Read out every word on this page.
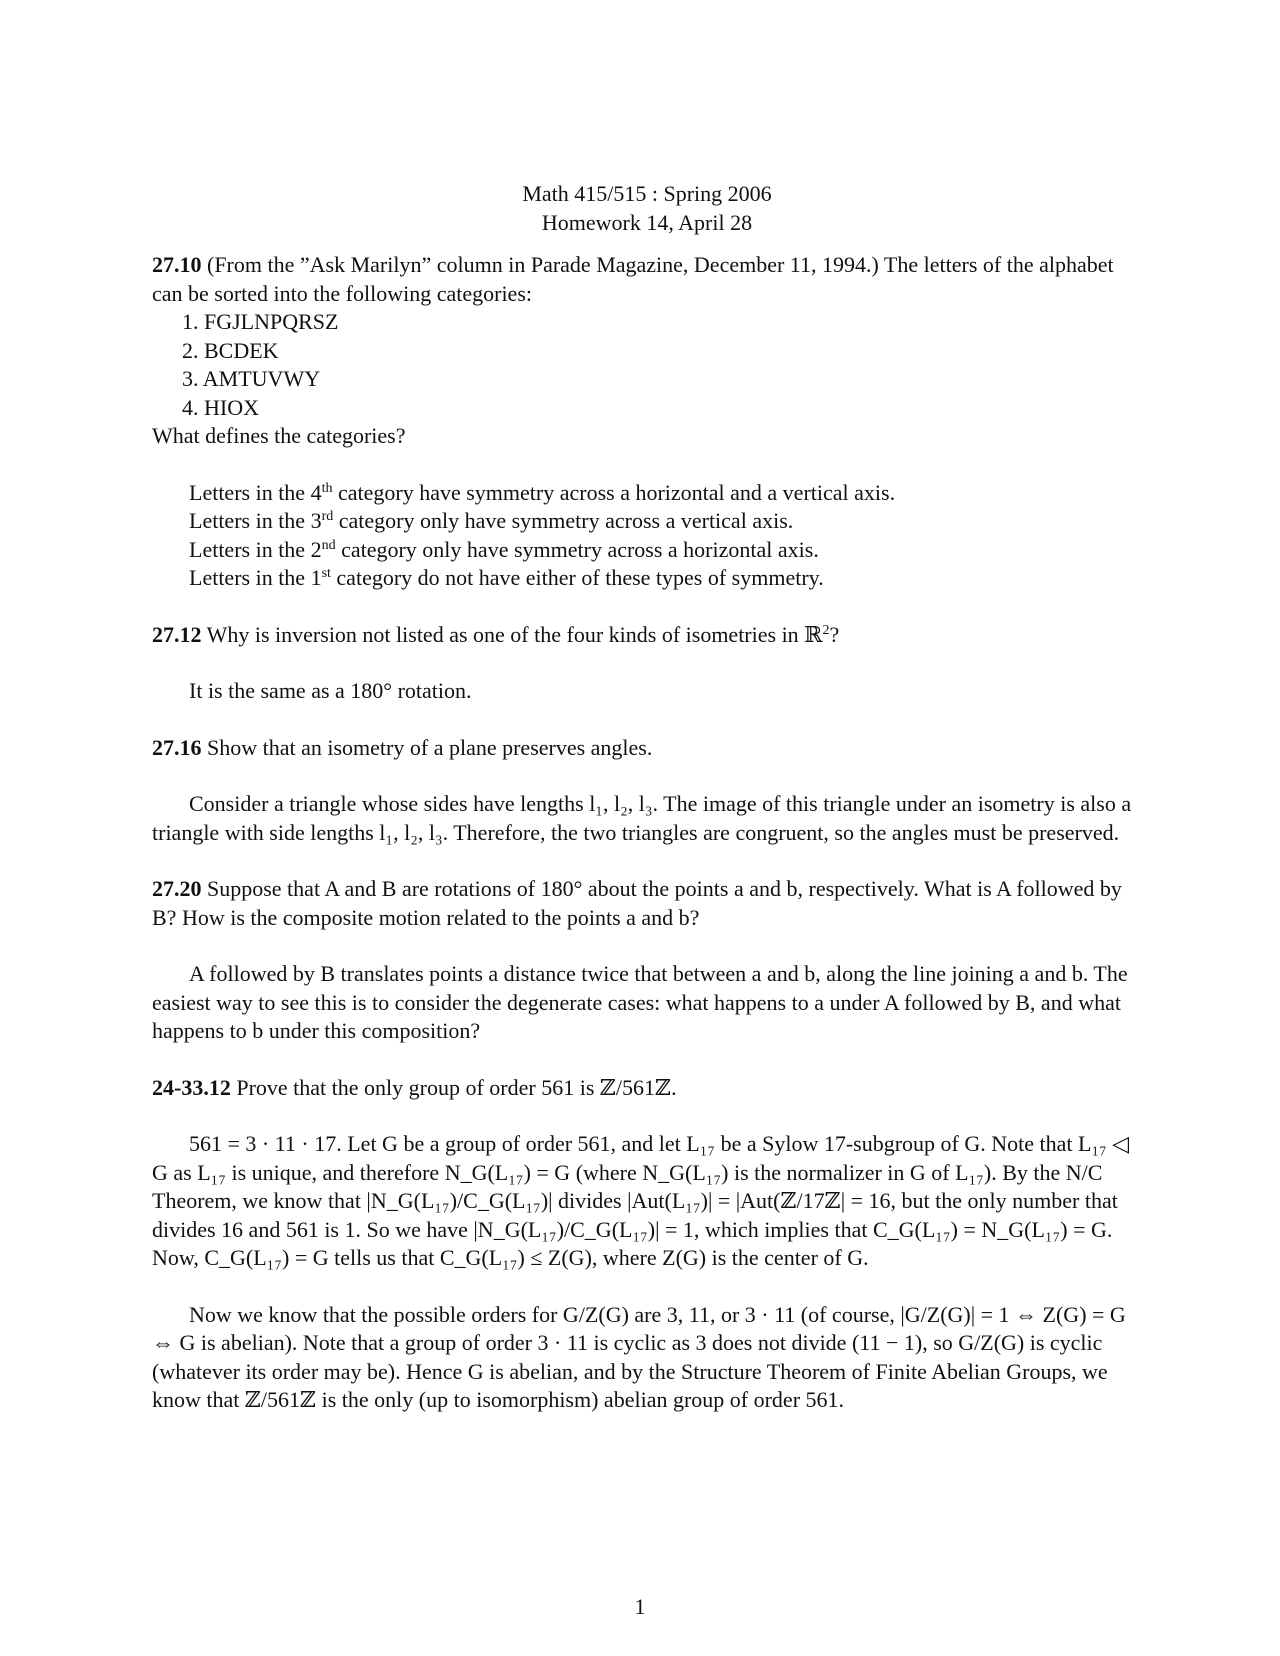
Math 415/515 : Spring 2006
Homework 14, April 28

27.10 (From the ”Ask Marilyn” column in Parade Magazine, December 11, 1994.) The letters of the alphabet can be sorted into the following categories:

1. FGJLNPQRSZ
2. BCDEK
3. AMTUVWY
4. HIOX

What defines the categories?

Letters in the 4th category have symmetry across a horizontal and a vertical axis.
Letters in the 3rd category only have symmetry across a vertical axis.
Letters in the 2nd category only have symmetry across a horizontal axis.
Letters in the 1st category do not have either of these types of symmetry.

27.12 Why is inversion not listed as one of the four kinds of isometries in ℝ$^2$?

It is the same as a 180° rotation.

27.16 Show that an isometry of a plane preserves angles.

Consider a triangle whose sides have lengths l₁, l₂, l₃. The image of this triangle under an isometry is also a triangle with side lengths l₁, l₂, l₃. Therefore, the two triangles are congruent, so the angles must be preserved.

27.20 Suppose that A and B are rotations of 180° about the points a and b, respectively. What is A followed by B? How is the composite motion related to the points a and b?

A followed by B translates points a distance twice that between a and b, along the line joining a and b. The easiest way to see this is to consider the degenerate cases: what happens to a under A followed by B, and what happens to b under this composition?

24-33.12 Prove that the only group of order 561 is ℤ/561ℤ.

561 = 3 · 11 · 17. Let G be a group of order 561, and let L₁₇ be a Sylow 17-subgroup of G. Note that L₁₇ ◁ G as L₁₇ is unique, and therefore N_G(L₁₇) = G (where N_G(L₁₇) is the normalizer in G of L₁₇). By the N/C Theorem, we know that |N_G(L₁₇)/C_G(L₁₇)| divides |Aut(L₁₇)| = |Aut(ℤ/17ℤ| = 16, but the only number that divides 16 and 561 is 1. So we have |N_G(L₁₇)/C_G(L₁₇)| = 1, which implies that C_G(L₁₇) = N_G(L₁₇) = G. Now, C_G(L₁₇) = G tells us that C_G(L₁₇) ≤ Z(G), where Z(G) is the center of G.

Now we know that the possible orders for G/Z(G) are 3, 11, or 3 · 11 (of course, |G/Z(G)| = 1 ⇔ Z(G) = G ⇔ G is abelian). Note that a group of order 3 · 11 is cyclic as 3 does not divide (11 − 1), so G/Z(G) is cyclic (whatever its order may be). Hence G is abelian, and by the Structure Theorem of Finite Abelian Groups, we know that ℤ/561ℤ is the only (up to isomorphism) abelian group of order 561.

1
